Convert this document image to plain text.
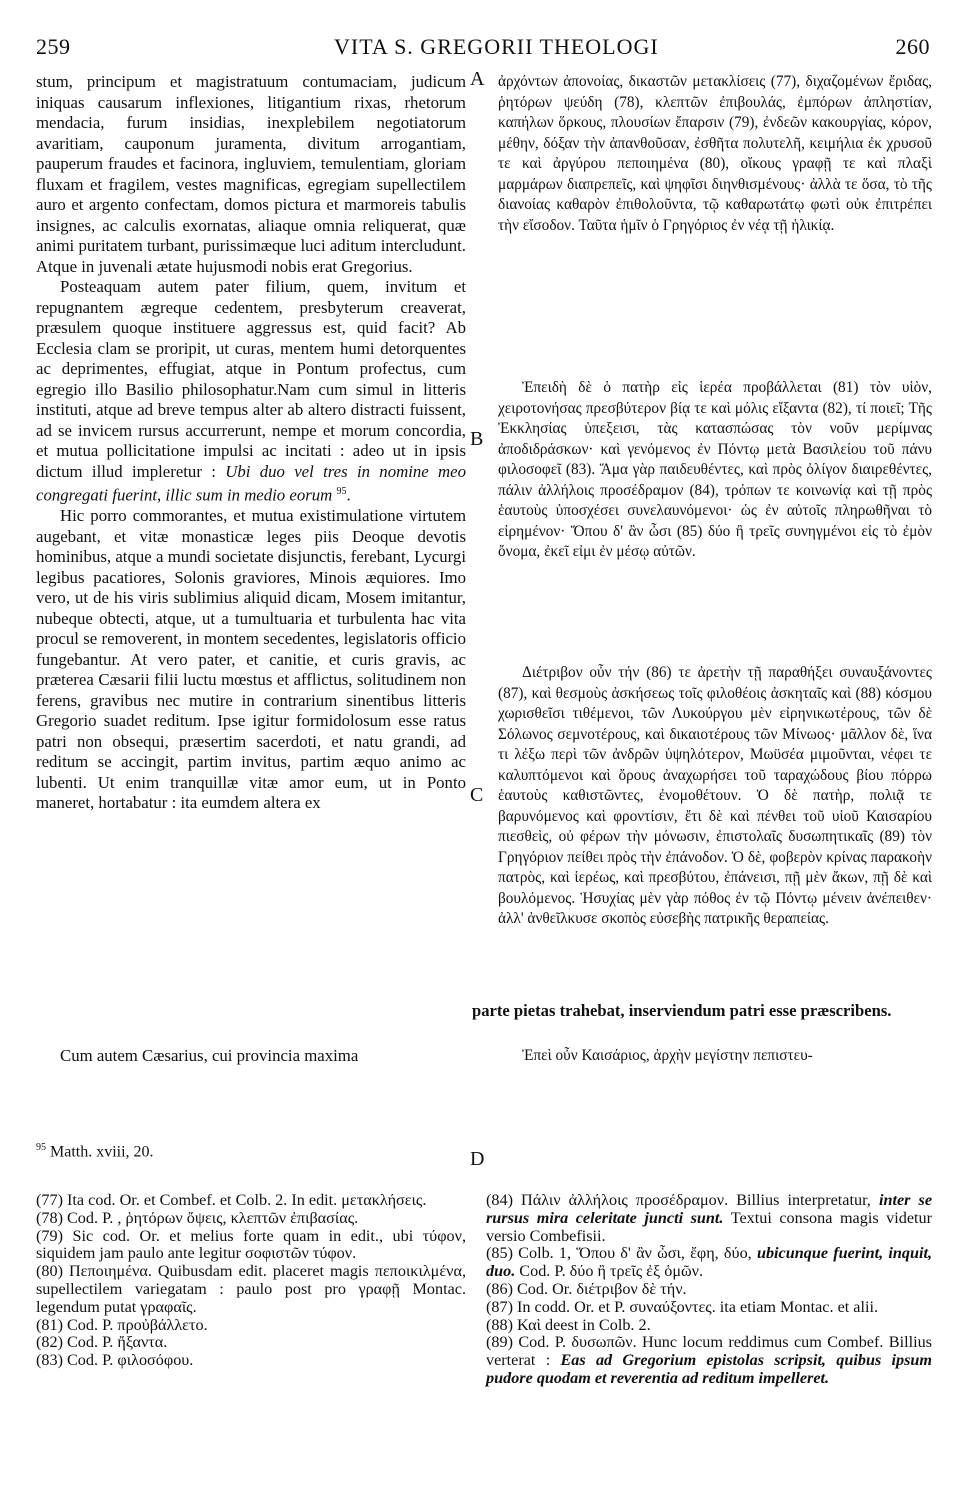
259	VITA S. GREGORII THEOLOGI	260

stum, principum et magistratuum contumaciam, judicum iniquas causarum inflexiones, litigantium rixas, rhetorum mendacia, furum insidias, inexplebilem negotiatorum avaritiam, cauponum juramenta, divitum arrogantiam, pauperum fraudes et facinora, ingluviem, temulentiam, gloriam fluxam et fragilem, vestes magnificas, egregiam supellectilem auro et argento confectam, domos pictura et marmoreis tabulis insignes, ac calculis exornatas, aliaque omnia reliquerat, quæ animi puritatem turbant, purissimæque luci aditum intercludunt. Atque in juvenali ætate hujusmodi nobis erat Gregorius.

Posteaquam autem pater filium, quem, invitum et repugnantem ægreque cedentem, presbyterum creaverat, præsulem quoque instituere aggressus est, quid facit? Ab Ecclesia clam se proripit, ut curas, mentem humi detorquentes ac deprimentes, effugiat, atque in Pontum profectus, cum egregio illo Basilio philosophatur.Nam cum simul in litteris instituti, atque ad breve tempus alter ab altero distracti fuissent, ad se invicem rursus accurrerunt, nempe et morum concordia, et mutua pollicitatione impulsi ac incitati : adeo ut in ipsis dictum illud impleretur : Ubi duo vel tres in nomine meo congregati fuerint, illic sum in medio eorum $^{95}$.

Hic porro commorantes, et mutua existimulatione virtutem augebant, et vitæ monasticæ leges piis Deoque devotis hominibus, atque a mundi societate disjunctis, ferebant, Lycurgi legibus pacatiores, Solonis graviores, Minois æquiores. Imo vero, ut de his viris sublimius aliquid dicam, Mosem imitantur, nubeque obtecti, atque, ut a tumultuaria et turbulenta hac vita procul se removerent, in montem secedentes, legislatoris officio fungebantur. At vero pater, et canitie, et curis gravis, ac præterea Cæsarii filii luctu mœstus et afflictus, solitudinem non ferens, gravibus nec mutire in contrarium sinentibus litteris Gregorio suadet reditum. Ipse igitur formidolosum esse ratus patri non obsequi, præsertim sacerdoti, et natu grandi, ad reditum se accingit, partim invitus, partim æquo animo ac lubenti. Ut enim tranquillæ vitæ amor eum, ut in Ponto maneret, hortabatur : ita eumdem altera ex

parte pietas trahebat, inserviendum patri esse præscribens.

Cum autem Cæsarius, cui provincia maxima

$^{95}$ Matth. xviii, 20.

ἀρχόντων ἀπονοίας, δικαστῶν μετακλίσεις (77), διχαζομένων ἔριδας, ῥητόρων ψεύδη (78), κλεπτῶν ἐπιβουλάς, ἐμπόρων ἀπληστίαν, καπήλων ὅρκους, πλουσίων ἔπαρσιν (79), ἐνδεῶν κακουργίας, κόρον, μέθην, δόξαν τὴν ἀπανθοῦσαν, ἐσθῆτα πολυτελῆ, κειμήλια ἐκ χρυσοῦ τε καὶ ἀργύρου πεποιημένα (80), οἴκους γραφῇ τε καὶ πλαξὶ μαρμάρων διαπρεπεῖς, καὶ ψηφῖσι διηνθισμένους· ἀλλὰ τε ὅσα, τὸ τῆς διανοίας καθαρὸν ἐπιθολοῦντα, τῷ καθαρωτάτῳ φωτὶ οὐκ ἐπιτρέπει τὴν εἴσοδον. Ταῦτα ἡμῖν ὁ Γρηγόριος ἐν νέᾳ τῇ ἡλικίᾳ.

Ἐπειδὴ δὲ ὁ πατὴρ εἰς ἱερέα προβάλλεται (81) τὸν υἱὸν, χειροτονήσας πρεσβύτερον βίᾳ τε καὶ μόλις εἴξαντα (82), τί ποιεῖ; Τῆς Ἐκκλησίας ὑπεξεισι, τὰς κατασπώσας τὸν νοῦν μερίμνας ἀποδιδράσκων· καὶ γενόμενος ἐν Πόντῳ μετὰ Βασιλείου τοῦ πάνυ φιλοσοφεῖ (83). Ἅμα γὰρ παιδευθέντες, καὶ πρὸς ὀλίγον διαιρεθέντες, πάλιν ἀλλήλοις προσέδραμον (84), τρόπων τε κοινωνίᾳ καὶ τῇ πρὸς ἑαυτοὺς ὑποσχέσει συνελαυνόμενοι· ὡς ἐν αὐτοῖς πληρωθῆναι τὸ εἰρημένον· Ὅπου δ' ἂν ὦσι (85) δύο ἢ τρεῖς συνηγμένοι εἰς τὸ ἐμὸν ὄνομα, ἐκεῖ εἰμι ἐν μέσῳ αὐτῶν.

Διέτριβον οὖν τήν (86) τε ἀρετὴν τῇ παραθήξει συναυξάνοντες (87), καὶ θεσμοὺς ἀσκήσεως τοῖς φιλοθέοις ἀσκηταῖς καὶ (88) κόσμου χωρισθεῖσι τιθέμενοι, τῶν Λυκούργου μὲν εἰρηνικωτέρους, τῶν δὲ Σόλωνος σεμνοτέρους, καὶ δικαιοτέρους τῶν Μίνωος· μᾶλλον δὲ, ἵνα τι λέξω περὶ τῶν ἀνδρῶν ὑψηλότερον, Μωϋσέα μιμοῦνται, νέφει τε καλυπτόμενοι καὶ ὄρους ἀναχωρήσει τοῦ ταραχώδους βίου πόρρω ἑαυτοὺς καθιστῶντες, ἐνομοθέτουν. Ὁ δὲ πατὴρ, πολιᾷ τε βαρυνόμενος καὶ φροντίσιν, ἔτι δὲ καὶ πένθει τοῦ υἱοῦ Καισαρίου πιεσθεὶς, οὐ φέρων τὴν μόνωσιν, ἐπιστολαῖς δυσωπητικαῖς (89) τὸν Γρηγόριον πείθει πρὸς τὴν ἐπάνοδον. Ὁ δὲ, φοβερὸν κρίνας παρακοὴν πατρὸς, καὶ ἱερέως, καὶ πρεσβύτου, ἐπάνεισι, πῇ μὲν ἄκων, πῇ δὲ καὶ βουλόμενος. Ἡσυχίας μὲν γὰρ πόθος ἐν τῷ Πόντῳ μένειν ἀνέπειθεν· ἀλλ' ἀνθεῖλκυσε σκοπὸς εὐσεβὴς πατρικῆς θεραπείας.

Ἐπεὶ οὖν Καισάριος, ἀρχὴν μεγίστην πεπιστευ-

A
B
C
D
(77) Ita cod. Or. et Combef. et Colb. 2. In edit. μετακλήσεις.
(78) Cod. P. , ῥητόρων ὄψεις, κλεπτῶν ἐπιβασίας.
(79) Sic cod. Or. et melius forte quam in edit., ubi τύφον, siquidem jam paulo ante legitur σοφιστῶν τύφον.
(80) Πεποιημένα. Quibusdam edit. placeret magis πεποικιλμένα, supellectilem variegatam : paulo post pro γραφῇ Montac. legendum putat γραφαῖς.
(81) Cod. P. προὐβάλλετο.
(82) Cod. P. ἤξαντα.
(83) Cod. P. φιλοσόφου.
(84) Πάλιν ἀλλήλοις προσέδραμον. Billius interpretatur, inter se rursus mira celeritate juncti sunt. Textui consona magis videtur versio Combefisii.
(85) Colb. 1, Ὅπου δ' ἂν ὦσι, ἔφη, δύο, ubicunque fuerint, inquit, duo. Cod. P. δύο ἢ τρεῖς ἐξ ὁμῶν.
(86) Cod. Or. διέτριβον δὲ τήν.
(87) In codd. Or. et P. συναύξοντες. ita etiam Montac. et alii.
(88) Καὶ deest in Colb. 2.
(89) Cod. P. δυσωπῶν. Hunc locum reddimus cum Combef. Billius verterat : Eas ad Gregorium epistolas scripsit, quibus ipsum pudore quodam et reverentia ad reditum impelleret.
